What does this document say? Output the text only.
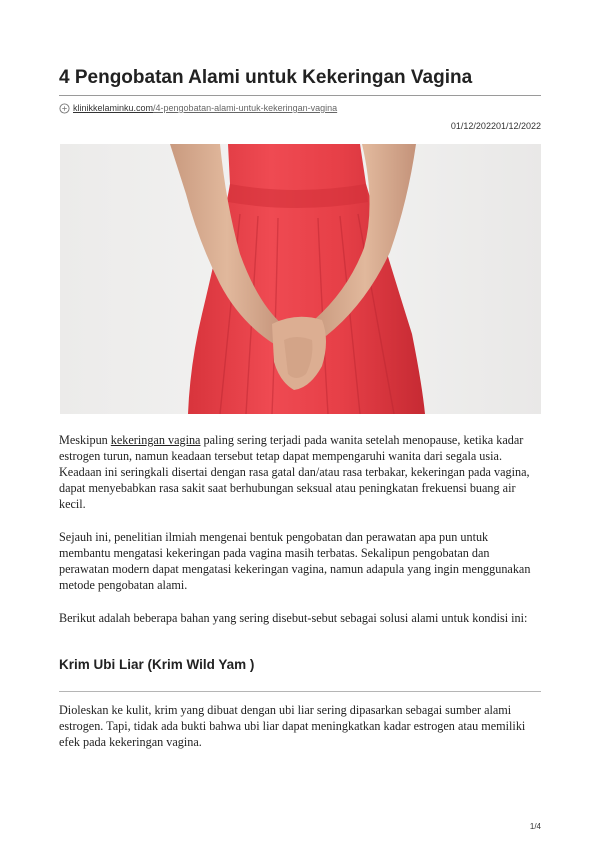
4 Pengobatan Alami untuk Kekeringan Vagina
klinikkelaminku.com /4-pengobatan-alami-untuk-kekeringan-vagina
01/12/202201/12/2022
Meskipun kekeringan vagina paling sering terjadi pada wanita setelah menopause, ketika kadar estrogen turun, namun keadaan tersebut tetap dapat mempengaruhi wanita dari segala usia. Keadaan ini seringkali disertai dengan rasa gatal dan/atau rasa terbakar, kekeringan pada vagina, dapat menyebabkan rasa sakit saat berhubungan seksual atau peningkatan frekuensi buang air kecil.
Sejauh ini, penelitian ilmiah mengenai bentuk pengobatan dan perawatan apa pun untuk membantu mengatasi kekeringan pada vagina masih terbatas. Sekalipun pengobatan dan perawatan modern dapat mengatasi kekeringan vagina, namun adapula yang ingin menggunakan metode pengobatan alami.
Berikut adalah beberapa bahan yang sering disebut-sebut sebagai solusi alami untuk kondisi ini:
Krim Ubi Liar (Krim Wild Yam )
Dioleskan ke kulit, krim yang dibuat dengan ubi liar sering dipasarkan sebagai sumber alami estrogen. Tapi, tidak ada bukti bahwa ubi liar dapat meningkatkan kadar estrogen atau memiliki efek pada kekeringan vagina.
1/4
